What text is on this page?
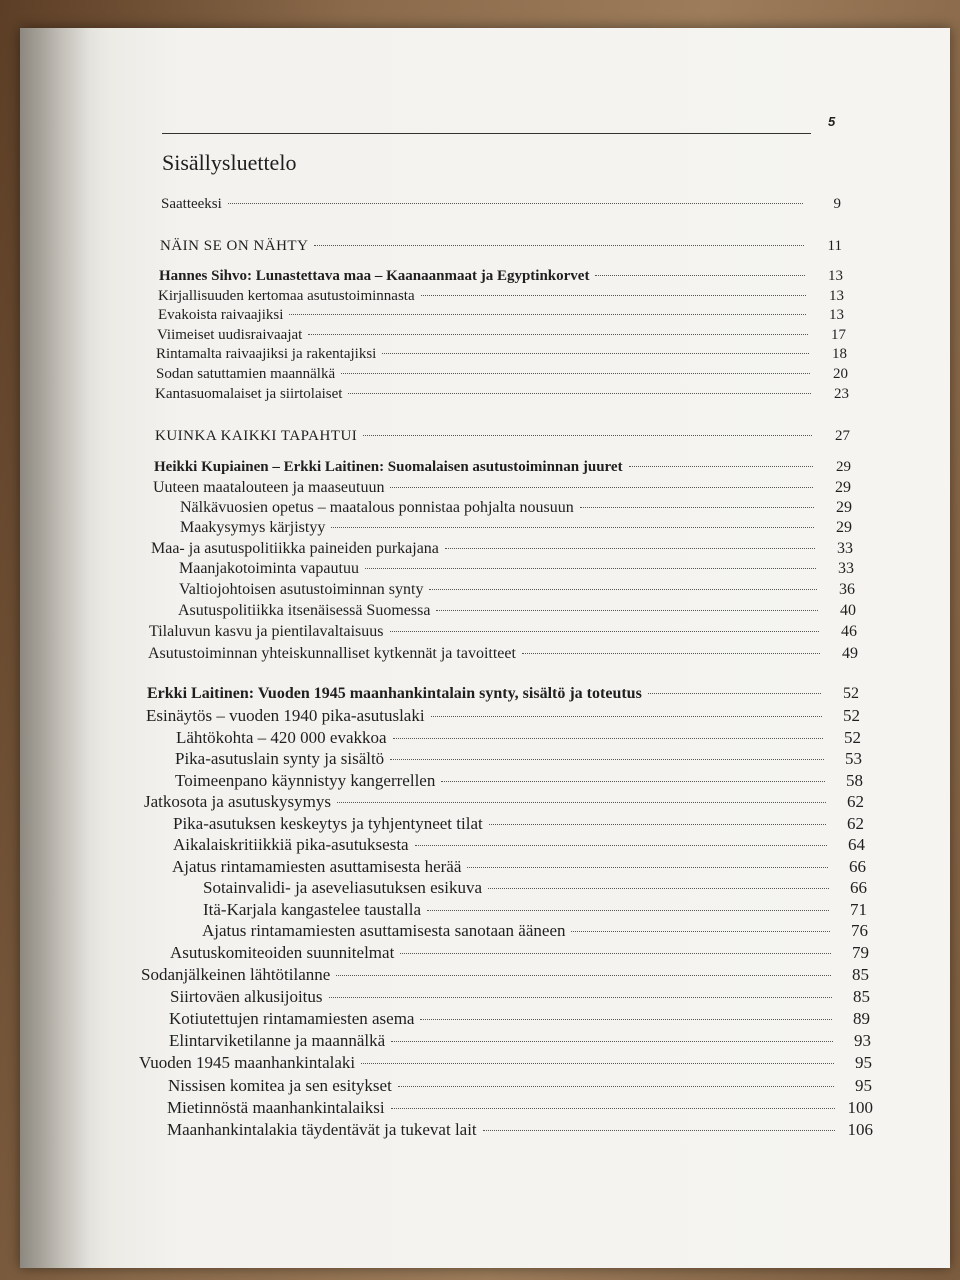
5
Sisällysluettelo
Saatteeksi	9
NÄIN SE ON NÄHTY	11
Hannes Sihvo: Lunastettava maa – Kaanaanmaat ja Egyptinkorvet	13
Kirjallisuuden kertomaa asutustoiminnasta	13
Evakoista raivaajiksi	13
Viimeiset uudisraivaajat	17
Rintamalta raivaajiksi ja rakentajiksi	18
Sodan satuttamien maannälkä	20
Kantasuomalaiset ja siirtolaiset	23
KUINKA KAIKKI TAPAHTUI	27
Heikki Kupiainen – Erkki Laitinen: Suomalaisen asutustoiminnan juuret	29
Uuteen maatalouteen ja maaseutuun	29
Nälkävuosien opetus – maatalous ponnistaa pohjalta nousuun	29
Maakysymys kärjistyy	29
Maa- ja asutuspolitiikka paineiden purkajana	33
Maanjakotoiminta vapautuu	33
Valtiojohtoisen asutustoiminnan synty	36
Asutuspolitiikka itsenäisessä Suomessa	40
Tilaluvun kasvu ja pientilavaltaisuus	46
Asutustoiminnan yhteiskunnalliset kytkennät ja tavoitteet	49
Erkki Laitinen: Vuoden 1945 maanhankintalain synty, sisältö ja toteutus	52
Esinäytös – vuoden 1940 pika-asutuslaki	52
Lähtökohta – 420 000 evakkoa	52
Pika-asutuslain synty ja sisältö	53
Toimeenpano käynnistyy kangerrellen	58
Jatkosota ja asutuskysymys	62
Pika-asutuksen keskeytys ja tyhjentyneet tilat	62
Aikalaiskritiikkiä pika-asutuksesta	64
Ajatus rintamamiesten asuttamisesta herää	66
Sotainvalidi- ja aseveliasutuksen esikuva	66
Itä-Karjala kangastelee taustalla	71
Ajatus rintamamiesten asuttamisesta sanotaan ääneen	76
Asutuskomiteoiden suunnitelmat	79
Sodanjälkeinen lähtötilanne	85
Siirtoväen alkusijoitus	85
Kotiutettujen rintamamiesten asema	89
Elintarviketilanne ja maannälkä	93
Vuoden 1945 maanhankintalaki	95
Nissisen komitea ja sen esitykset	95
Mietinnöstä maanhankintalaiksi	100
Maanhankintalakia täydentävät ja tukevat lait	106
